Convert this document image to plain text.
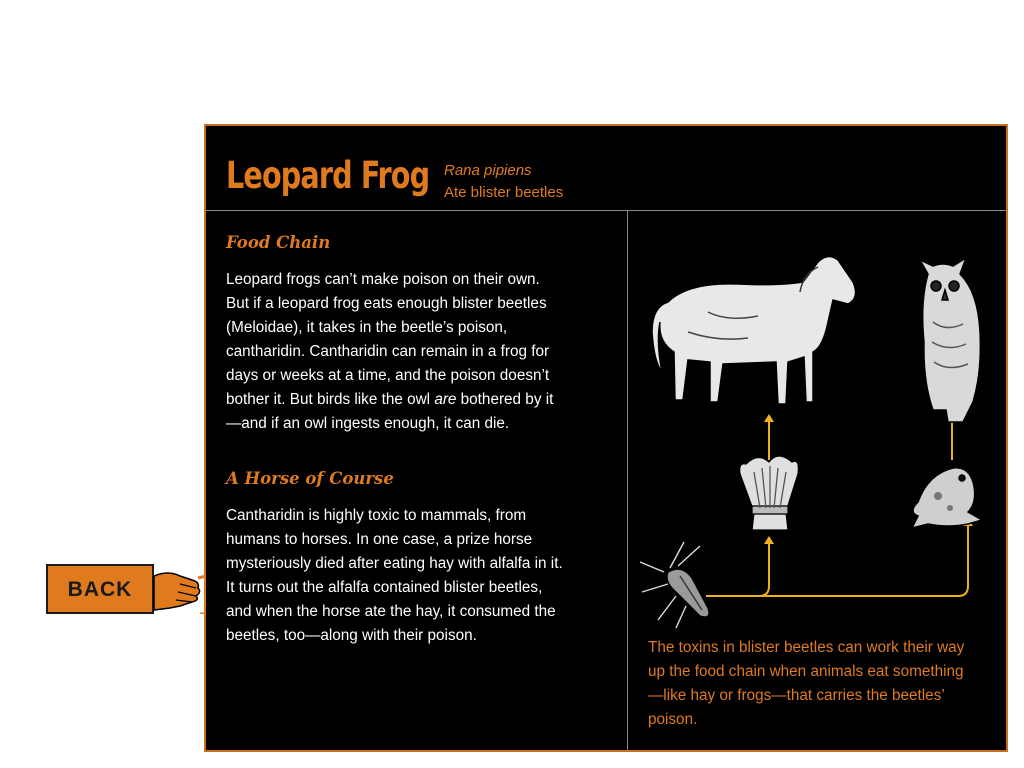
Leopard Frog Rana pipiens
Ate blister beetles
Food Chain

Leopard frogs can’t make poison on their own. But if a leopard frog eats enough blister beetles (Meloidae), it takes in the beetle’s poison, cantharidin. Cantharidin can remain in a frog for days or weeks at a time, and the poison doesn’t bother it. But birds like the owl are bothered by it—and if an owl ingests enough, it can die.

A Horse of Course

Cantharidin is highly toxic to mammals, from humans to horses. In one case, a prize horse mysteriously died after eating hay with alfalfa in it. It turns out the alfalfa contained blister beetles, and when the horse ate the hay, it consumed the beetles, too—along with their poison.

The toxins in blister beetles can work their way up the food chain when animals eat something—like hay or frogs—that carries the beetles’ poison.
BACK
